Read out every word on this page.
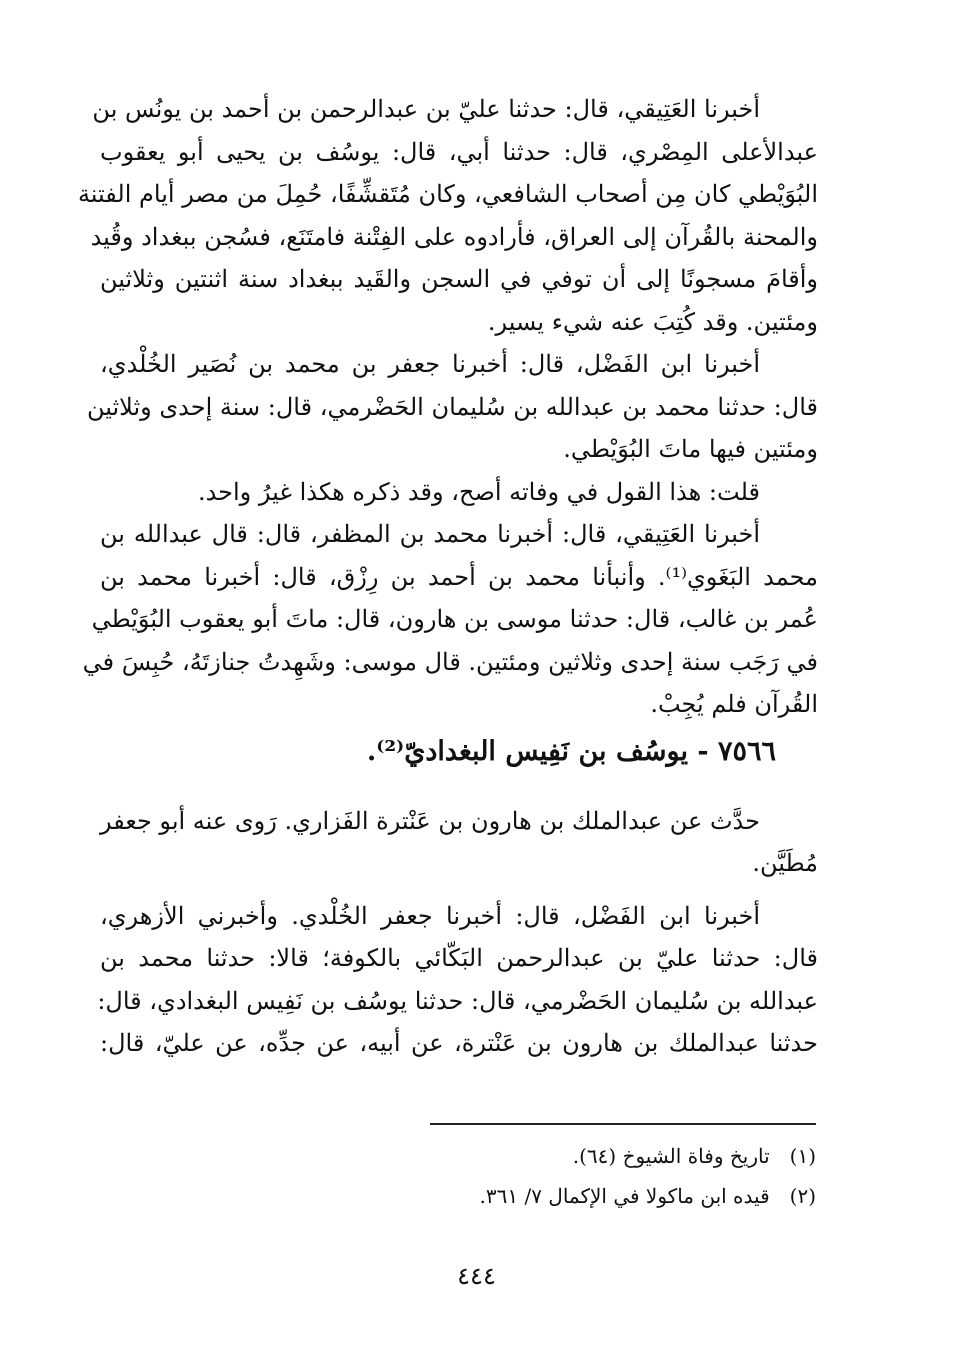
أخبرنا العَتِيقي، قال: حدثنا عليّ بن عبدالرحمن بن أحمد بن يونُس بن
عبدالأعلى المِصْري، قال: حدثنا أبي، قال: يوسُف بن يحيى أبو يعقوب
البُوَيْطي كان مِن أصحاب الشافعي، وكان مُتَقشِّفًا، حُمِلَ من مصر أيام الفتنة
والمحنة بالقُرآن إلى العراق، فأرادوه على الفِتْنة فامتَنَع، فسُجن ببغداد وقُيد
وأقامَ مسجونًا إلى أن توفي في السجن والقَيد ببغداد سنة اثنتين وثلاثين
ومئتين. وقد كُتِبَ عنه شيء يسير.
أخبرنا ابن الفَضْل، قال: أخبرنا جعفر بن محمد بن نُصَير الخُلْدي،
قال: حدثنا محمد بن عبدالله بن سُليمان الحَضْرمي، قال: سنة إحدى وثلاثين
ومئتين فيها ماتَ البُوَيْطي.
قلت: هذا القول في وفاته أصح، وقد ذكره هكذا غيرُ واحد.
أخبرنا العَتِيقي، قال: أخبرنا محمد بن المظفر، قال: قال عبدالله بن
محمد البَغَوي⁽¹⁾. وأنبأنا محمد بن أحمد بن رِزْق، قال: أخبرنا محمد بن
عُمر بن غالب، قال: حدثنا موسى بن هارون، قال: ماتَ أبو يعقوب البُوَيْطي
في رَجَب سنة إحدى وثلاثين ومئتين. قال موسى: وشَهِدتُ جنازتَهُ، حُبِسَ في
القُرآن فلم يُجِبْ.
٧٥٦٦ - يوسُف بن نَفِيس البغداديّ⁽²⁾.
حدَّث عن عبدالملك بن هارون بن عَنْترة الفَزاري. رَوى عنه أبو جعفر
مُطَيَّن.
أخبرنا ابن الفَضْل، قال: أخبرنا جعفر الخُلْدي. وأخبرني الأزهري،
قال: حدثنا عليّ بن عبدالرحمن البَكّائي بالكوفة؛ قالا: حدثنا محمد بن
عبدالله بن سُليمان الحَضْرمي، قال: حدثنا يوسُف بن نَفِيس البغدادي، قال:
حدثنا عبدالملك بن هارون بن عَنْترة، عن أبيه، عن جدِّه، عن عليّ، قال:
(١) تاريخ وفاة الشيوخ (٦٤).
(٢) قيده ابن ماكولا في الإكمال ٧/ ٣٦١.
٤٤٤
